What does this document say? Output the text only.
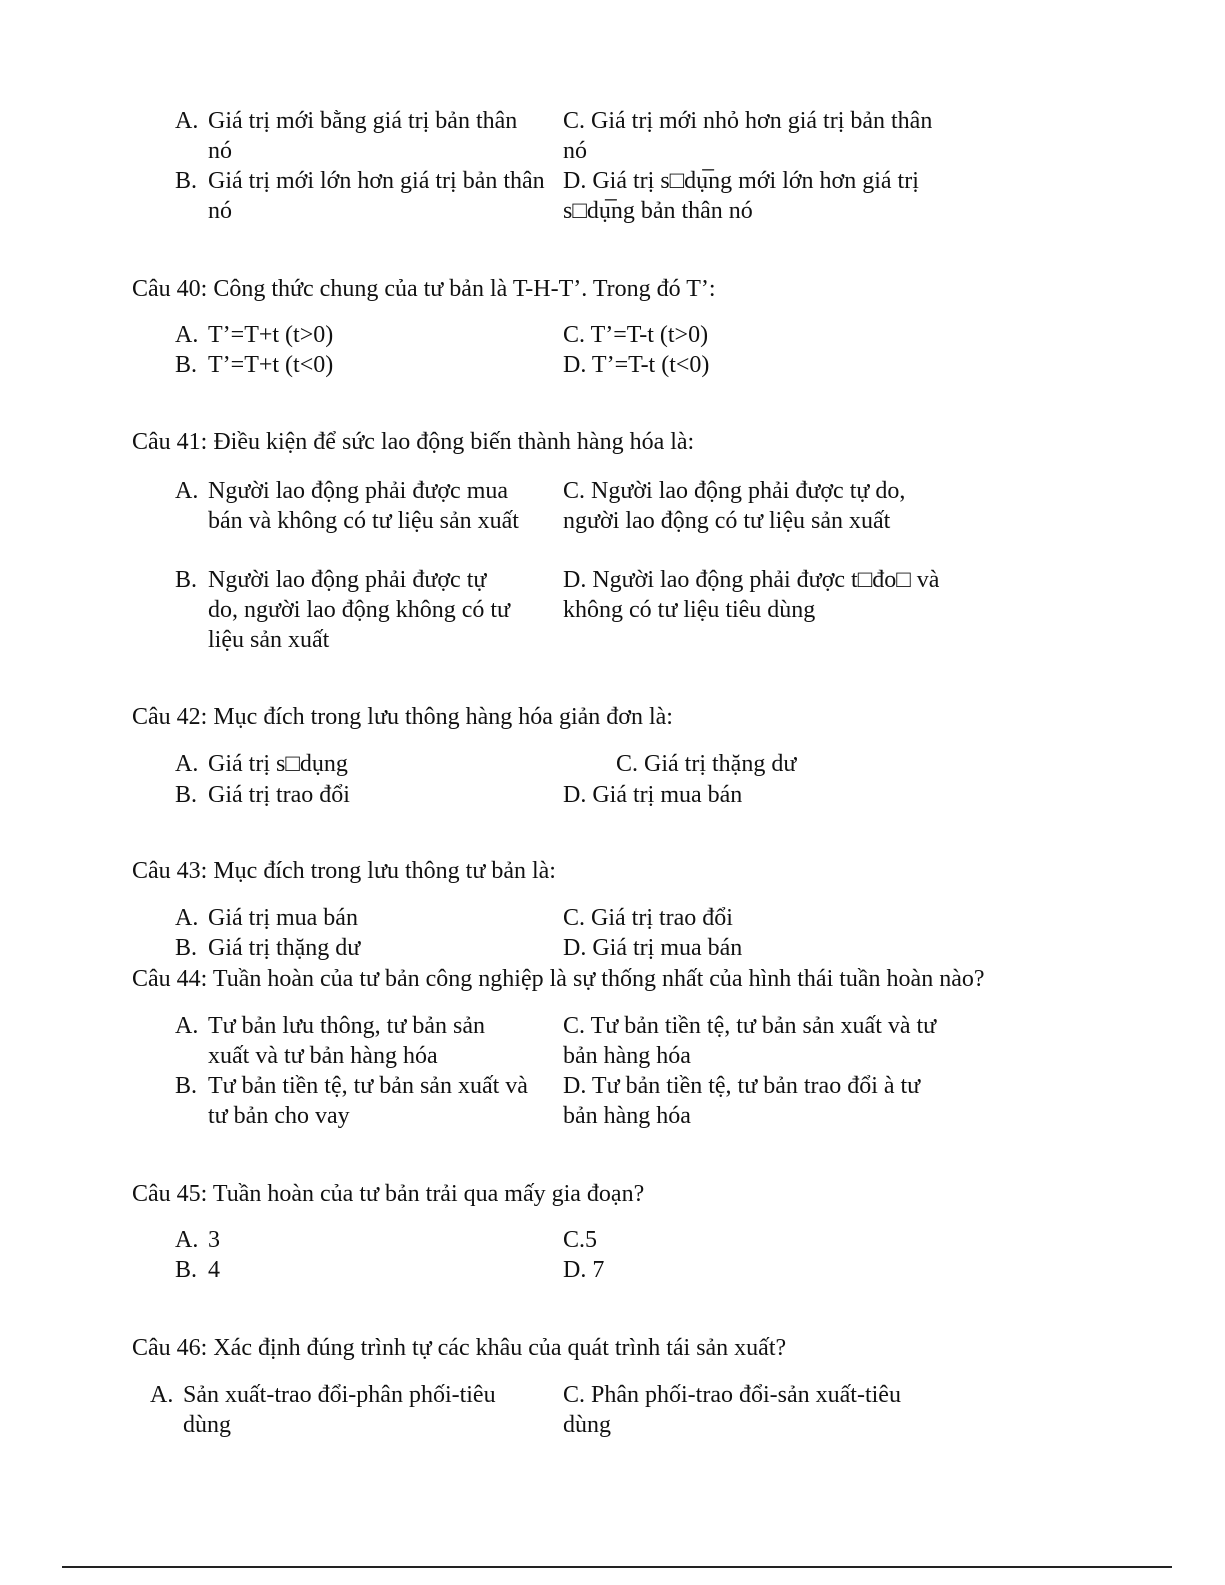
A. Giá trị mới bằng giá trị bản thân nó
B. Giá trị mới lớn hơn giá trị bản thân nó
C. Giá trị mới nhỏ hơn giá trị bản thân nó
D. Giá trị s□dụ̅ng mới lớn hơn giá trị s□dụ̅ng bản thân nó

Câu 40: Công thức chung của tư bản là T-H-T’. Trong đó T’:

A. T’=T+t (t>0)
B. T’=T+t (t<0)
C. T’=T-t (t>0)
D. T’=T-t (t<0)

Câu 41: Điều kiện để sức lao động biến thành hàng hóa là:

A. Người lao động phải được mua bán và không có tư liệu sản xuất
B. Người lao động phải được tự do, người lao động không có tư liệu sản xuất
C. Người lao động phải được tự do, người lao động có tư liệu sản xuất
D. Người lao động phải được t□đo□ và không có tư liệu tiêu dùng

Câu 42: Mục đích trong lưu thông hàng hóa giản đơn là:

A. Giá trị s□dụng
B. Giá trị trao đổi
C. Giá trị thặng dư
D. Giá trị mua bán

Câu 43: Mục đích trong lưu thông tư bản là:

A. Giá trị mua bán
B. Giá trị thặng dư
C. Giá trị trao đổi
D. Giá trị mua bán

Câu 44: Tuần hoàn của tư bản công nghiệp là sự thống nhất của hình thái tuần hoàn nào?

A. Tư bản lưu thông, tư bản sản xuất và tư bản hàng hóa
B. Tư bản tiền tệ, tư bản sản xuất và tư bản cho vay
C. Tư bản tiền tệ, tư bản sản xuất và tư bản hàng hóa
D. Tư bản tiền tệ, tư bản trao đổi à tư bản hàng hóa

Câu 45: Tuần hoàn của tư bản trải qua mấy gia đoạn?

A. 3
B. 4
C.5
D. 7

Câu 46: Xác định đúng trình tự các khâu của quát trình tái sản xuất?

A. Sản xuất-trao đổi-phân phối-tiêu dùng
C. Phân phối-trao đổi-sản xuất-tiêu dùng
